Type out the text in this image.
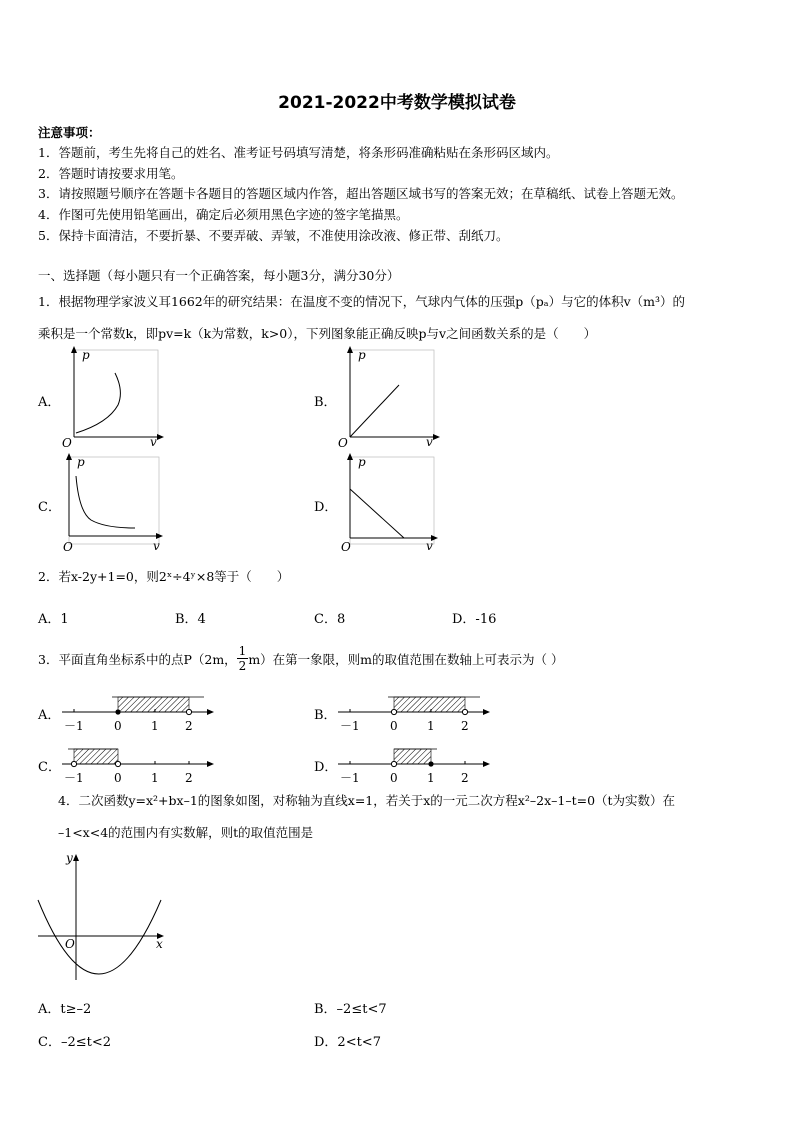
2021-2022中考数学模拟试卷
注意事项：
1．答题前，考生先将自己的姓名、准考证号码填写清楚，将条形码准确粘贴在条形码区域内。
2．答题时请按要求用笔。
3．请按照题号顺序在答题卡各题目的答题区域内作答，超出答题区域书写的答案无效；在草稿纸、试卷上答题无效。
4．作图可先使用铅笔画出，确定后必须用黑色字迹的签字笔描黑。
5．保持卡面清洁，不要折暴、不要弄破、弄皱，不准使用涂改液、修正带、刮纸刀。
一、选择题（每小题只有一个正确答案，每小题3分，满分30分）
1．根据物理学家波义耳1662年的研究结果：在温度不变的情况下，气球内气体的压强p（pₐ）与它的体积v（m³）的
乘积是一个常数k，即pv=k（k为常数，k>0），下列图象能正确反映p与v之间函数关系的是（　　）
A．	B．
C．	D．
p
v
O
p
v
O
p
v
O
p
v
O
2．若x-2y+1=0，则2ˣ÷4ʸ×8等于（　　）
A．1	B．4	C．8	D．-16
3．平面直角坐标系中的点P（2m， $\frac{1}{2} m$）在第一象限，则m的取值范围在数轴上可表示为（ ）
A．	B．
C．	D．
－1	0 1 2	－1	0 1 2
－1	0 1 2	－1	0 1 2
4．二次函数y=x²+bx–1的图象如图，对称轴为直线x=1，若关于x的一元二次方程x²–2x–1–t=0（t为实数）在
–1<x<4的范围内有实数解，则t的取值范围是
y
x
O
A．t≥–2	B．–2≤t<7
C．–2≤t<2	D．2<t<7
